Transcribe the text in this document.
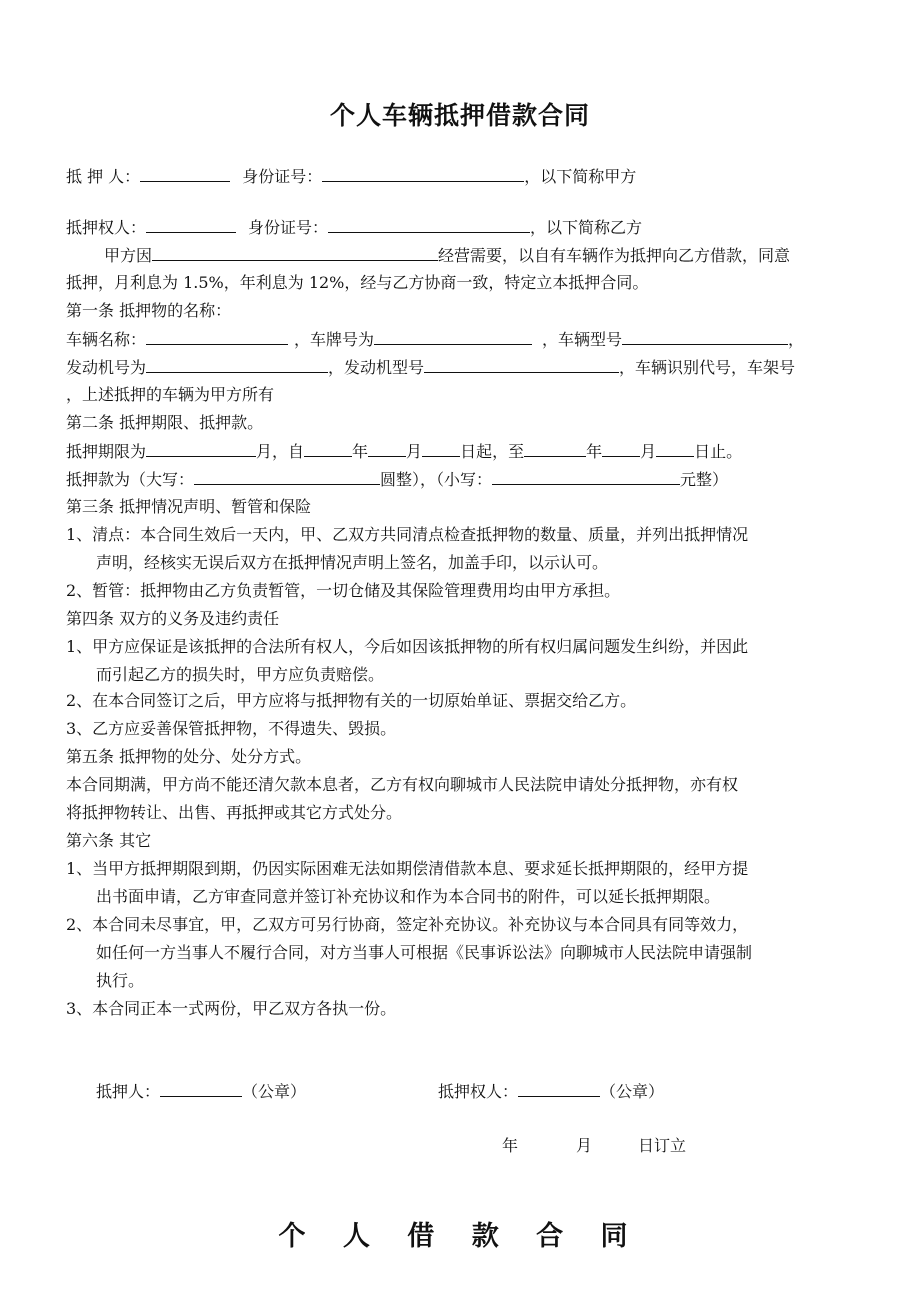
个人车辆抵押借款合同
抵 押 人：	身份证号：	，以下简称甲方
抵押权人：	身份证号：	，以下简称乙方
甲方因	经营需要，以自有车辆作为抵押向乙方借款，同意
抵押，月利息为 1.5%，年利息为 12%，经与乙方协商一致，特定立本抵押合同。
第一条 抵押物的名称：
车辆名称：	，车牌号为	，车辆型号	，
发动机号为	，发动机型号	，车辆识别代号，车架号
，上述抵押的车辆为甲方所有
第二条 抵押期限、抵押款。
抵押期限为	月，自	年 月 日起，至	年 月 日止。
抵押款为（大写：	圆整），（小写：	元整）
第三条 抵押情况声明、暂管和保险
1、清点：本合同生效后一天内，甲、乙双方共同清点检查抵押物的数量、质量，并列出抵押情况
声明，经核实无误后双方在抵押情况声明上签名，加盖手印，以示认可。
2、暂管：抵押物由乙方负责暂管，一切仓储及其保险管理费用均由甲方承担。
第四条 双方的义务及违约责任
1、甲方应保证是该抵押的合法所有权人，今后如因该抵押物的所有权归属问题发生纠纷，并因此
而引起乙方的损失时，甲方应负责赔偿。
2、在本合同签订之后，甲方应将与抵押物有关的一切原始单证、票据交给乙方。
3、乙方应妥善保管抵押物，不得遗失、毁损。
第五条 抵押物的处分、处分方式。
本合同期满，甲方尚不能还清欠款本息者，乙方有权向聊城市人民法院申请处分抵押物，亦有权
将抵押物转让、出售、再抵押或其它方式处分。
第六条 其它
1、当甲方抵押期限到期，仍因实际困难无法如期偿清借款本息、要求延长抵押期限的，经甲方提
出书面申请，乙方审查同意并签订补充协议和作为本合同书的附件，可以延长抵押期限。
2、本合同未尽事宜，甲，乙双方可另行协商，签定补充协议。补充协议与本合同具有同等效力，
如任何一方当事人不履行合同，对方当事人可根据《民事诉讼法》向聊城市人民法院申请强制
执行。
3、本合同正本一式两份，甲乙双方各执一份。
抵押人：	（公章）	抵押权人：	（公章）
年	月	日订立
个 人 借 款 合 同
